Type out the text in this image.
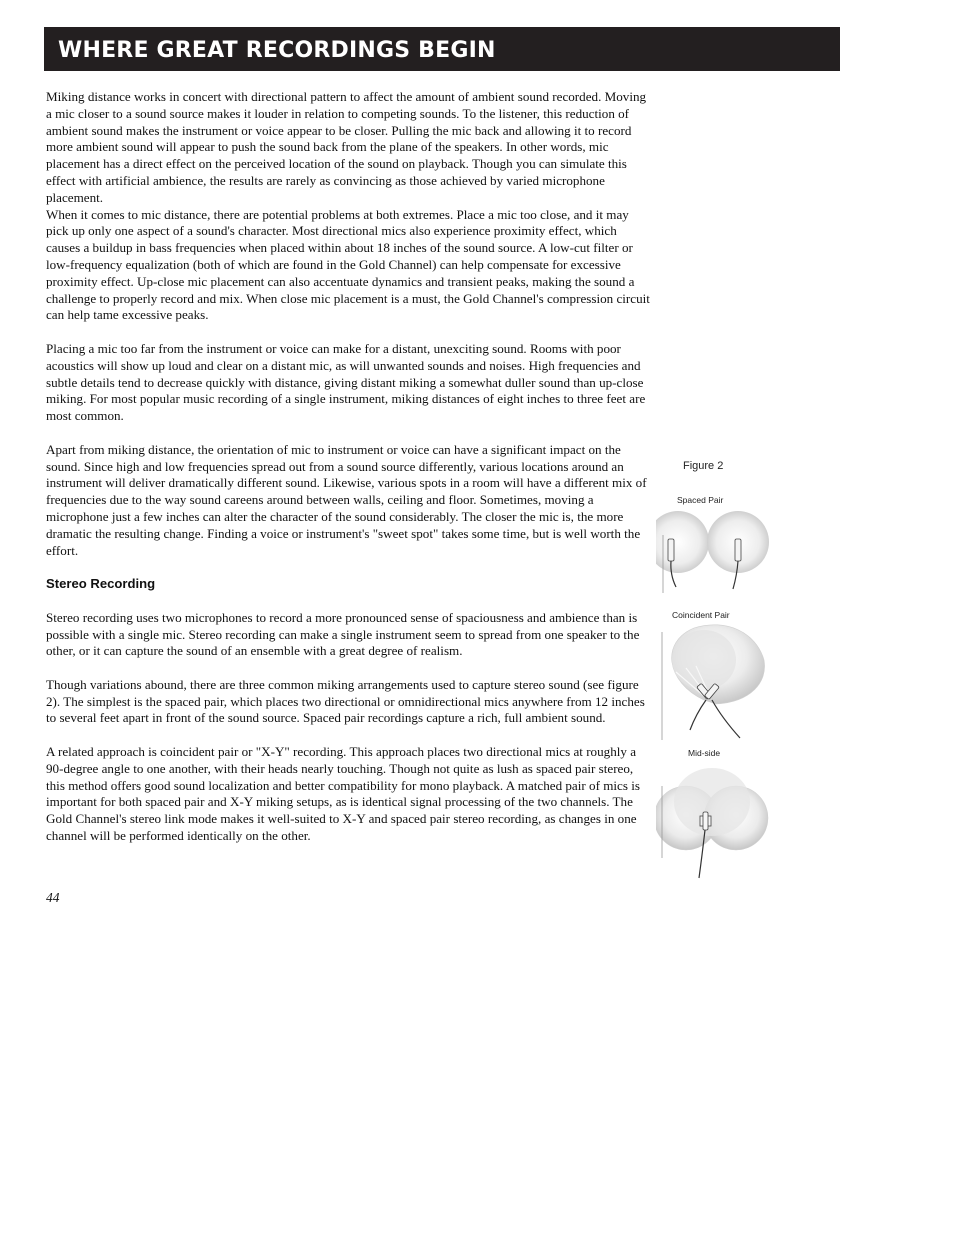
WHERE GREAT RECORDINGS BEGIN

Miking distance works in concert with directional pattern to affect the amount of ambient sound recorded. Moving a mic closer to a sound source makes it louder in relation to competing sounds. To the listener, this reduction of ambient sound makes the instrument or voice appear to be closer. Pulling the mic back and allowing it to record more ambient sound will appear to push the sound back from the plane of the speakers. In other words, mic placement has a direct effect on the perceived location of the sound on playback. Though you can simulate this effect with artificial ambience, the results are rarely as convincing as those achieved by varied microphone placement.

When it comes to mic distance, there are potential problems at both extremes. Place a mic too close, and it may pick up only one aspect of a sound's character. Most directional mics also experience proximity effect, which causes a buildup in bass frequencies when placed within about 18 inches of the sound source. A low-cut filter or low-frequency equalization (both of which are found in the Gold Channel) can help compensate for excessive proximity effect. Up-close mic placement can also accentuate dynamics and transient peaks, making the sound a challenge to properly record and mix. When close mic placement is a must, the Gold Channel's compression circuit can help tame excessive peaks.

Placing a mic too far from the instrument or voice can make for a distant, unexciting sound. Rooms with poor acoustics will show up loud and clear on a distant mic, as will unwanted sounds and noises. High frequencies and subtle details tend to decrease quickly with distance, giving distant miking a somewhat duller sound than up-close miking. For most popular music recording of a single instrument, miking distances of eight inches to three feet are most common.

Apart from miking distance, the orientation of mic to instrument or voice can have a significant impact on the sound. Since high and low frequencies spread out from a sound source differently, various locations around an instrument will deliver dramatically different sound. Likewise, various spots in a room will have a different mix of frequencies due to the way sound careens around between walls, ceiling and floor. Sometimes, moving a microphone just a few inches can alter the character of the sound considerably. The closer the mic is, the more dramatic the resulting change. Finding a voice or instrument's "sweet spot" takes some time, but is well worth the effort.

Stereo Recording

Stereo recording uses two microphones to record a more pronounced sense of spaciousness and ambience than is possible with a single mic. Stereo recording can make a single instrument seem to spread from one speaker to the other, or it can capture the sound of an ensemble with a great degree of realism.

Though variations abound, there are three common miking arrangements used to capture stereo sound (see figure 2). The simplest is the spaced pair, which places two directional or omnidirectional mics anywhere from 12 inches to several feet apart in front of the sound source. Spaced pair recordings capture a rich, full ambient sound.

A related approach is coincident pair or "X-Y" recording. This approach places two directional mics at roughly a 90-degree angle to one another, with their heads nearly touching. Though not quite as lush as spaced pair stereo, this method offers good sound localization and better compatibility for mono playback. A matched pair of mics is important for both spaced pair and X-Y miking setups, as is identical signal processing of the two channels. The Gold Channel's stereo link mode makes it well-suited to X-Y and spaced pair stereo recording, as changes in one channel will be performed identically on the other.

44
Figure 2
Spaced Pair
Coincident Pair
Mid-side
